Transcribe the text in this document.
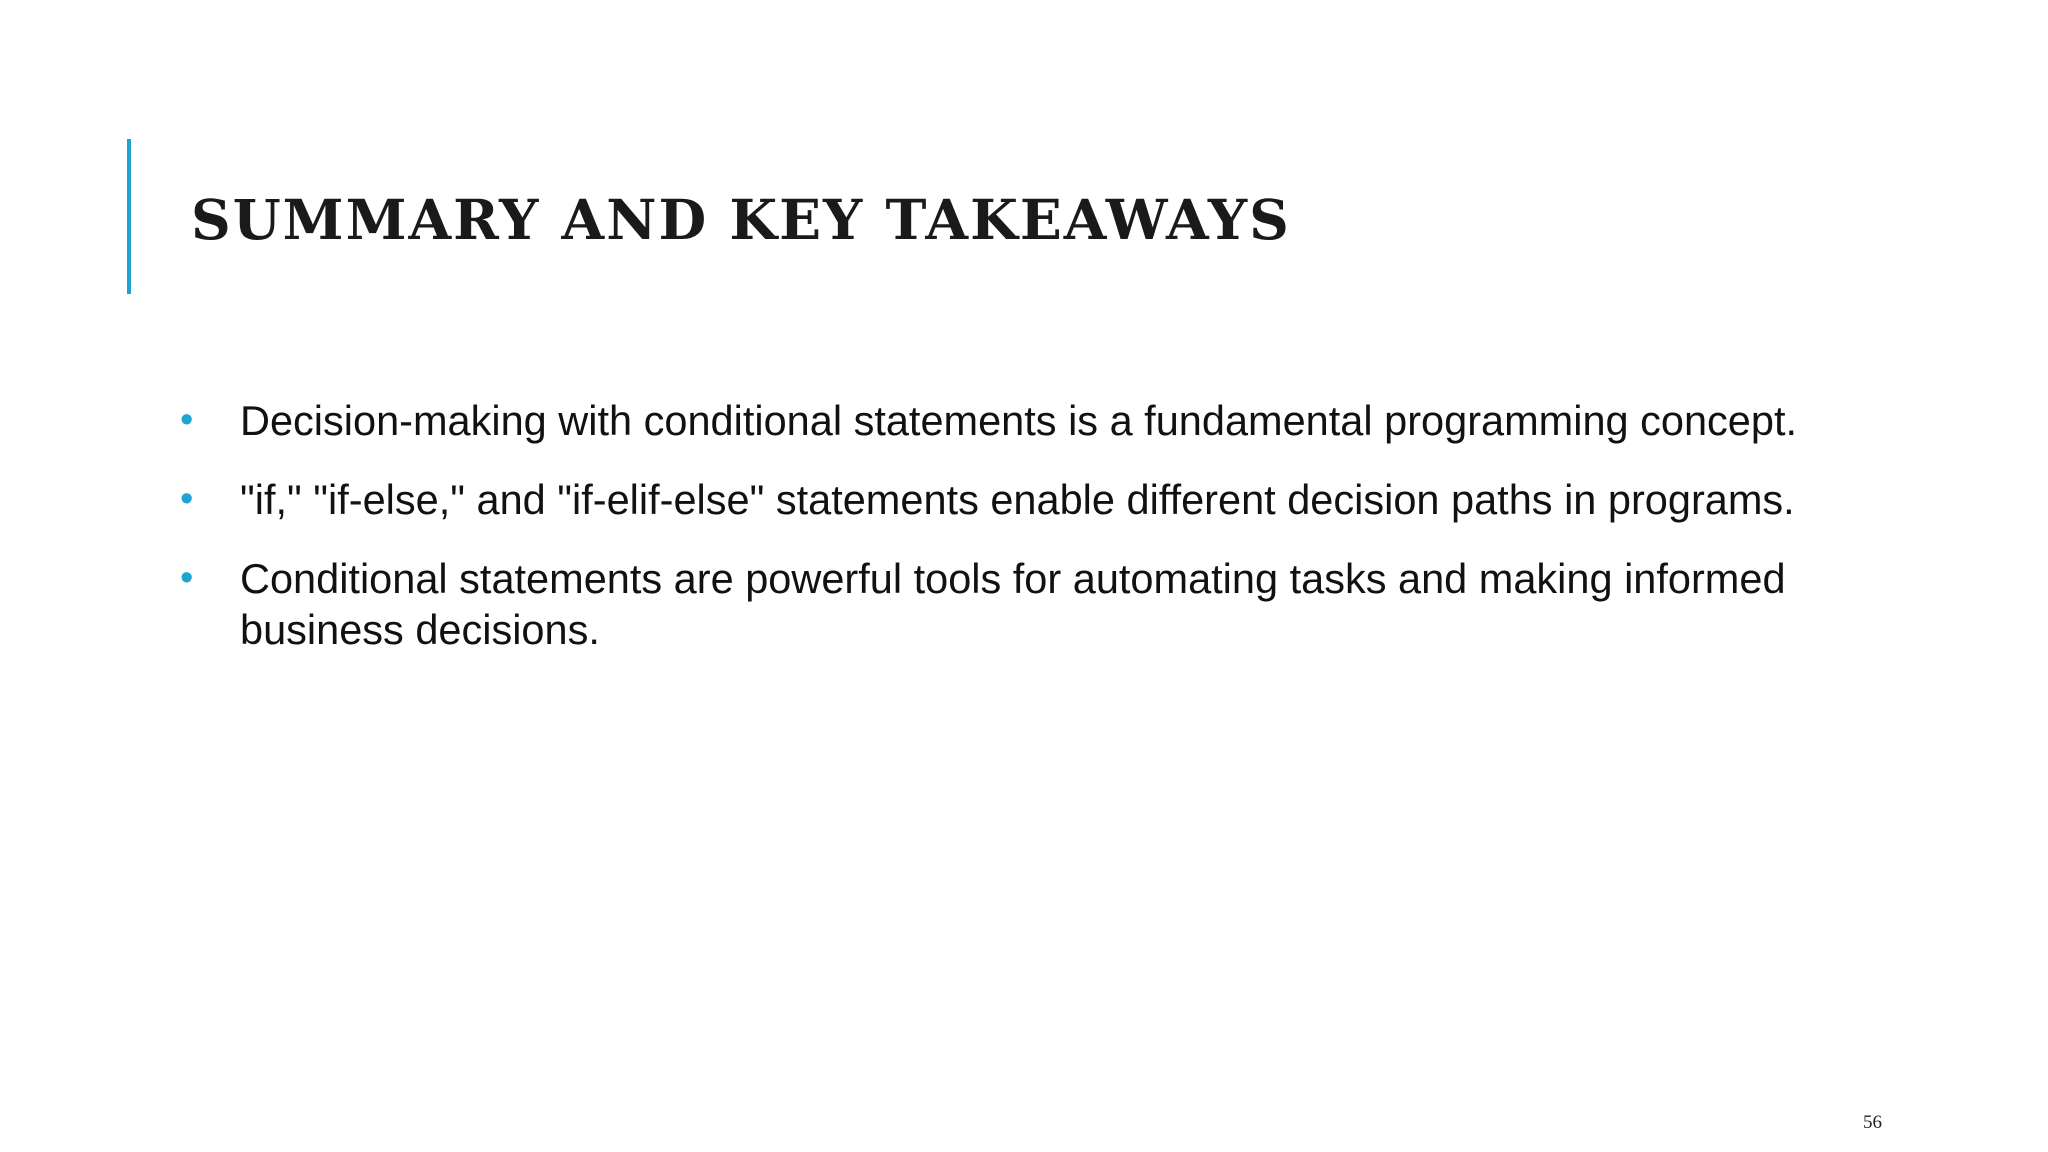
SUMMARY AND KEY TAKEAWAYS
•	Decision-making with conditional statements is a fundamental programming concept.
•	"if," "if-else," and "if-elif-else" statements enable different decision paths in programs.
•	Conditional statements are powerful tools for automating tasks and making informed business decisions.
56
